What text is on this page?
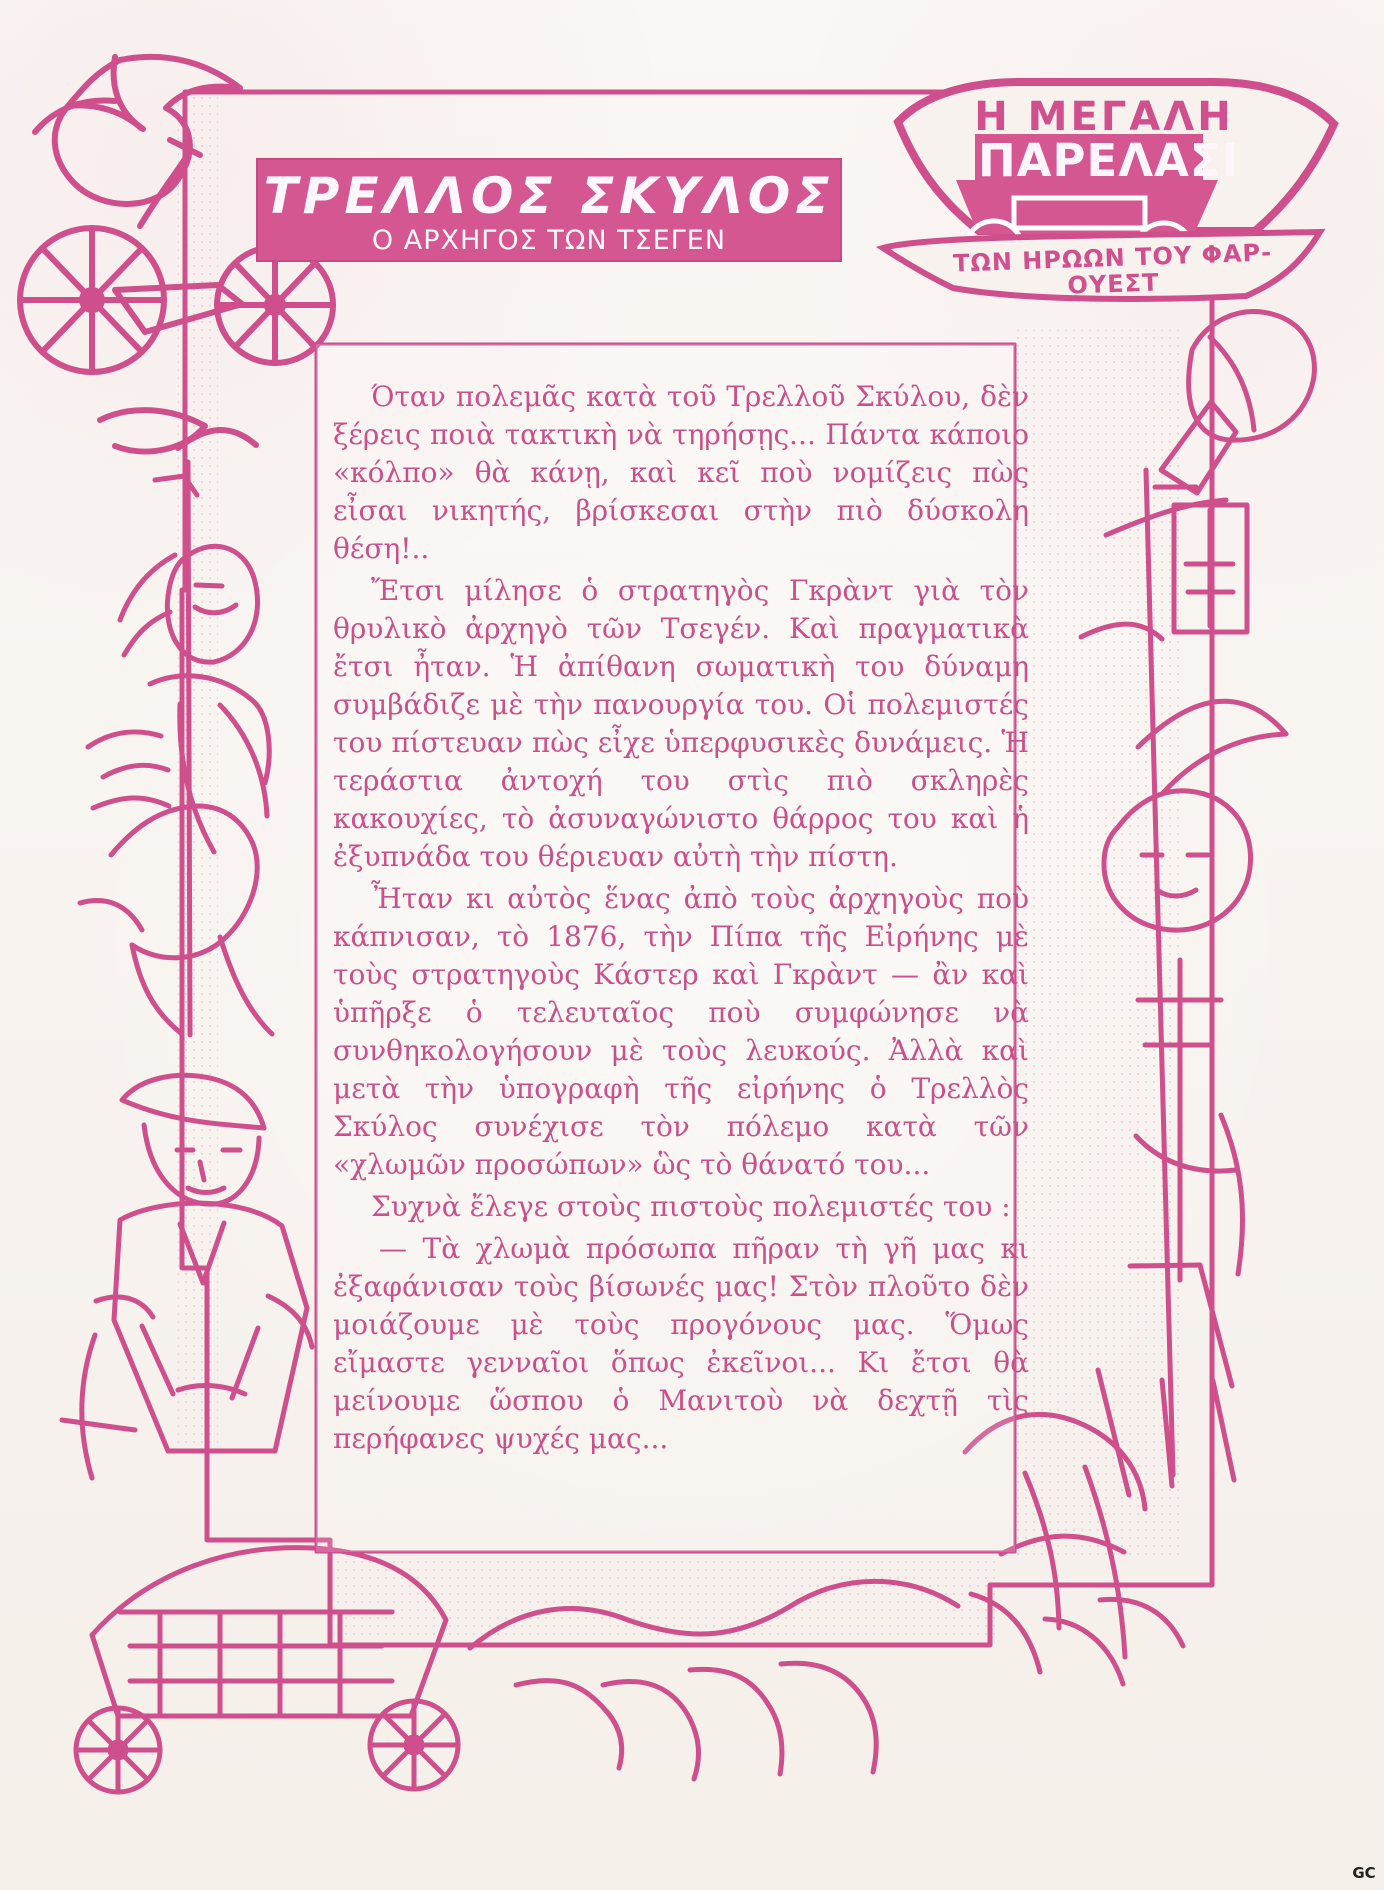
ΤΡΕΛΛΟΣ ΣΚΥΛΟΣ
Ο ΑΡΧΗΓΟΣ ΤΩΝ ΤΣΕΓΕΝ
Η ΜΕΓΑΛΗ
ΠΑΡΕΛΑΣΙ
ΤΩΝ ΗΡΩΩΝ ΤΟΥ ΦΑΡ-ΟΥΕΣΤ

Όταν πολεμᾶς κατὰ τοῦ Τρελλοῦ Σκύλου, δὲν ξέρεις ποιὰ τακτικὴ νὰ τηρήσῃς... Πάντα κάποιο «κόλπο» θὰ κάνῃ, καὶ κεῖ ποὺ νομίζεις πὼς εἶσαι νικητής, βρίσκεσαι στὴν πιὸ δύσκολη θέση!..

Ἔτσι μίλησε ὁ στρατηγὸς Γκρὰντ γιὰ τὸν θρυλικὸ ἀρχηγὸ τῶν Τσεγέν. Καὶ πραγματικὰ ἔτσι ἦταν. Ἡ ἀπίθανη σωματικὴ του δύναμη συμβάδιζε μὲ τὴν πανουργία του. Οἱ πολεμιστές του πίστευαν πὼς εἶχε ὑπερφυσικὲς δυνάμεις. Ἡ τεράστια ἀντοχή του στὶς πιὸ σκληρὲς κακουχίες, τὸ ἀσυναγώνιστο θάρρος του καὶ ἡ ἐξυπνάδα του θέριευαν αὐτὴ τὴν πίστη.

Ἦταν κι αὐτὸς ἕνας ἀπὸ τοὺς ἀρχηγοὺς ποὺ κάπνισαν, τὸ 1876, τὴν Πίπα τῆς Εἰρήνης μὲ τοὺς στρατηγοὺς Κάστερ καὶ Γκρὰντ — ἂν καὶ ὑπῆρξε ὁ τελευταῖος ποὺ συμφώνησε νὰ συνθηκολογήσουν μὲ τοὺς λευκούς. Ἀλλὰ καὶ μετὰ τὴν ὑπογραφὴ τῆς εἰρήνης ὁ Τρελλὸς Σκύλος συνέχισε τὸν πόλεμο κατὰ τῶν «χλωμῶν προσώπων» ὣς τὸ θάνατό του...

Συχνὰ ἔλεγε στοὺς πιστοὺς πολεμιστές του :

— Τὰ χλωμὰ πρόσωπα πῆραν τὴ γῆ μας κι ἐξαφάνισαν τοὺς βίσωνές μας! Στὸν πλοῦτο δὲν μοιάζουμε μὲ τοὺς προγόνους μας. Ὅμως εἴμαστε γενναῖοι ὅπως ἐκεῖνοι... Κι ἔτσι θὰ μείνουμε ὥσπου ὁ Μανιτοὺ νὰ δεχτῇ τὶς περήφανες ψυχές μας...

GC
